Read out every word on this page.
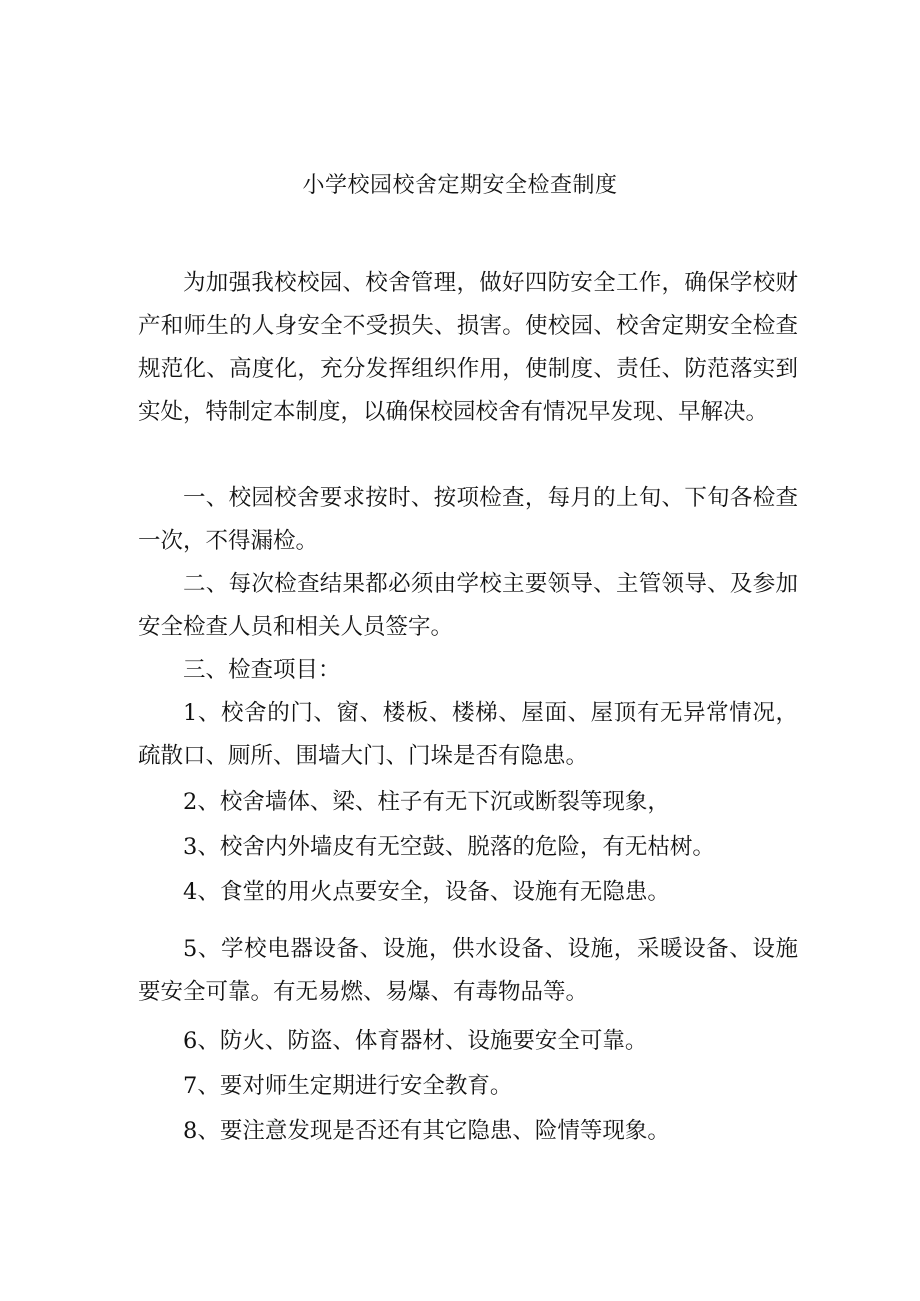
小学校园校舍定期安全检查制度

为加强我校校园、校舍管理，做好四防安全工作，确保学校财产和师生的人身安全不受损失、损害。使校园、校舍定期安全检查规范化、高度化，充分发挥组织作用，使制度、责任、防范落实到实处，特制定本制度，以确保校园校舍有情况早发现、早解决。

一、校园校舍要求按时、按项检查，每月的上旬、下旬各检查一次，不得漏检。

二、每次检查结果都必须由学校主要领导、主管领导、及参加安全检查人员和相关人员签字。

三、检查项目：

1、校舍的门、窗、楼板、楼梯、屋面、屋顶有无异常情况，疏散口、厕所、围墙大门、门垛是否有隐患。

2、校舍墙体、梁、柱子有无下沉或断裂等现象，

3、校舍内外墙皮有无空鼓、脱落的危险，有无枯树。

4、食堂的用火点要安全，设备、设施有无隐患。

5、学校电器设备、设施，供水设备、设施，采暖设备、设施要安全可靠。有无易燃、易爆、有毒物品等。

6、防火、防盗、体育器材、设施要安全可靠。

7、要对师生定期进行安全教育。

8、要注意发现是否还有其它隐患、险情等现象。
